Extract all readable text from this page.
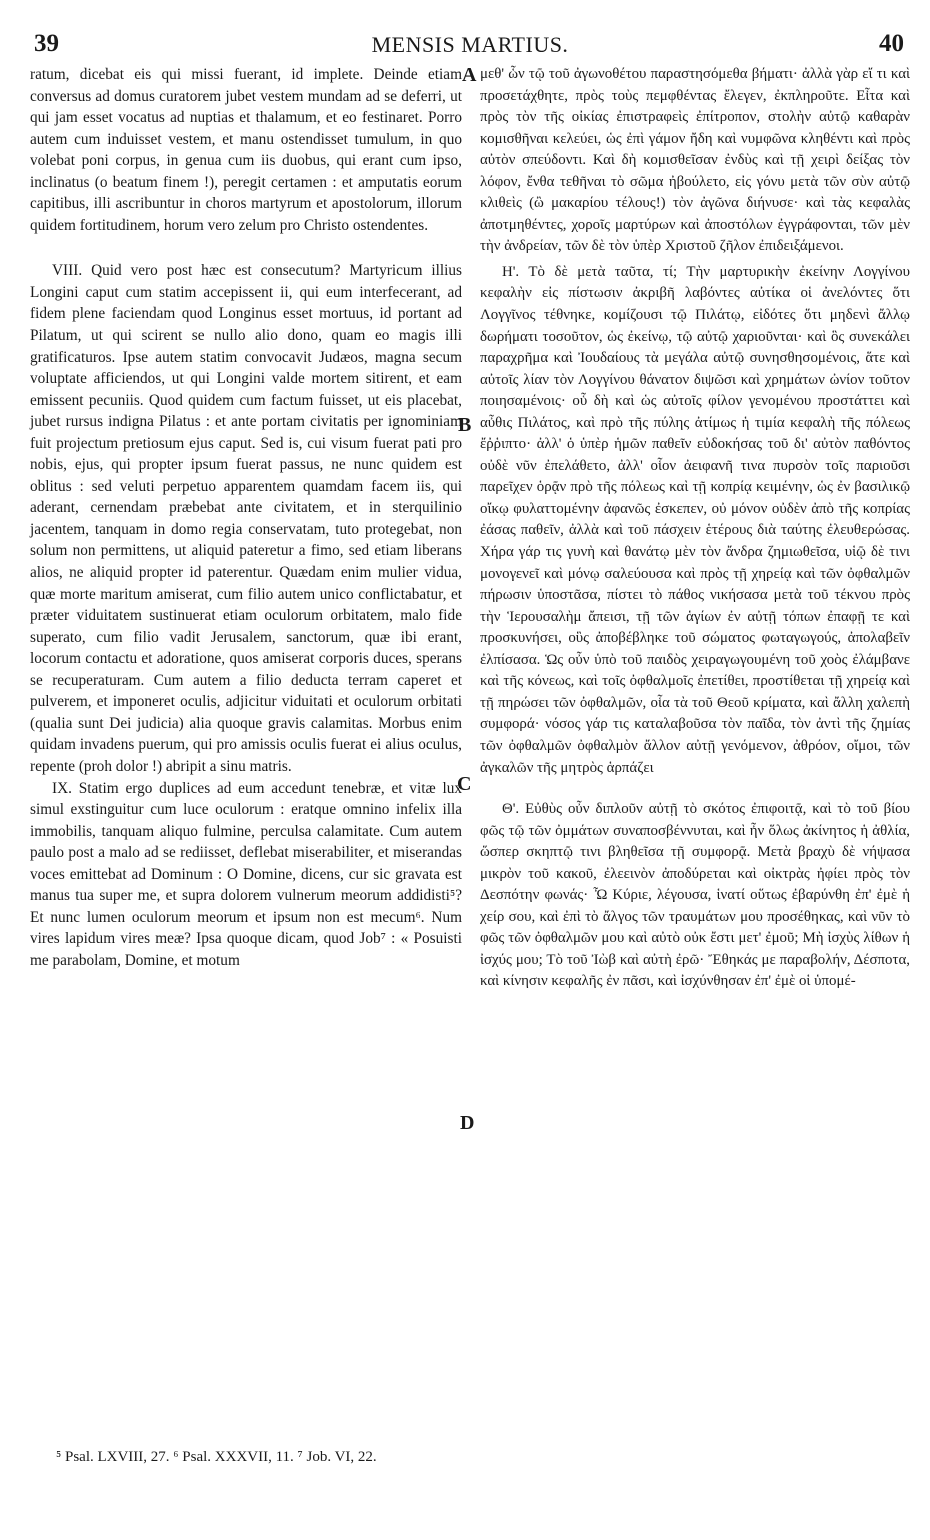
39	MENSIS MARTIUS.	40

ratum, dicebat eis qui missi fuerant, id implete. Deinde etiam conversus ad domus curatorem jubet vestem mundam ad se deferri, ut qui jam esset vocatus ad nuptias et thalamum, et eo festinaret. Porro autem cum induisset vestem, et manu ostendisset tumulum, in quo volebat poni corpus, in genua cum iis duobus, qui erant cum ipso, inclinatus (o beatum finem !), peregit certamen : et amputatis eorum capitibus, illi ascribuntur in choros martyrum et apostolorum, illorum quidem fortitudinem, horum vero zelum pro Christo ostendentes.

VIII. Quid vero post hæc est consecutum? Martyricum illius Longini caput cum statim accepissent ii, qui eum interfecerant, ad fidem plene faciendam quod Longinus esset mortuus, id portant ad Pilatum, ut qui scirent se nullo alio dono, quam eo magis illi gratificaturos. Ipse autem statim convocavit Judæos, magna secum voluptate afficiendos, ut qui Longini valde mortem sitirent, et eam emissent pecuniis. Quod quidem cum factum fuisset, ut eis placebat, jubet rursus indigna Pilatus : et ante portam civitatis per ignominiam fuit projectum pretiosum ejus caput. Sed is, cui visum fuerat pati pro nobis, ejus, qui propter ipsum fuerat passus, ne nunc quidem est oblitus : sed veluti perpetuo apparentem quamdam facem iis, qui aderant, cernendam præbebat ante civitatem, et in sterquilinio jacentem, tanquam in domo regia conservatam, tuto protegebat, non solum non permittens, ut aliquid pateretur a fimo, sed etiam liberans alios, ne aliquid propter id paterentur. Quædam enim mulier vidua, quæ morte maritum amiserat, cum filio autem unico conflictabatur, et præter viduitatem sustinuerat etiam oculorum orbitatem, malo fide superato, cum filio vadit Jerusalem, sanctorum, quæ ibi erant, locorum contactu et adoratione, quos amiserat corporis duces, sperans se recuperaturam. Cum autem a filio deducta terram caperet et pulverem, et imponeret oculis, adjicitur viduitati et oculorum orbitati (qualia sunt Dei judicia) alia quoque gravis calamitas. Morbus enim quidam invadens puerum, qui pro amissis oculis fuerat ei alius oculus, repente (proh dolor !) abripit a sinu matris.

IX. Statim ergo duplices ad eum accedunt tenebræ, et vitæ lux simul exstinguitur cum luce oculorum : eratque omnino infelix illa immobilis, tanquam aliquo fulmine, perculsa calamitate. Cum autem paulo post a malo ad se rediisset, deflebat miserabiliter, et miserandas voces emittebat ad Dominum : O Domine, dicens, cur sic gravata est manus tua super me, et supra dolorem vulnerum meorum addidisti⁵? Et nunc lumen oculorum meorum et ipsum non est mecum⁶. Num vires lapidum vires meæ? Ipsa quoque dicam, quod Job⁷ : « Posuisti me parabolam, Domine, et motum

A
B
C
D

μεθ' ὧν τῷ τοῦ ἀγωνοθέτου παραστησόμεθα βήματι· ἀλλὰ γὰρ εἴ τι καὶ προσετάχθητε, πρὸς τοὺς πεμφθέντας ἔλεγεν, ἐκπληροῦτε. Εἶτα καὶ πρὸς τὸν τῆς οἰκίας ἐπιστραφεὶς ἐπίτροπον, στολὴν αὐτῷ καθαρὰν κομισθῆναι κελεύει, ὡς ἐπὶ γάμον ἤδη καὶ νυμφῶνα κληθέντι καὶ πρὸς αὐτὸν σπεύδοντι. Καὶ δὴ κομισθεῖσαν ἐνδὺς καὶ τῇ χειρὶ δείξας τὸν λόφον, ἔνθα τεθῆναι τὸ σῶμα ἠβούλετο, εἰς γόνυ μετὰ τῶν σὺν αὐτῷ κλιθεὶς (ὢ μακαρίου τέλους!) τὸν ἀγῶνα διήνυσε· καὶ τὰς κεφαλὰς ἀποτμηθέντες, χοροῖς μαρτύρων καὶ ἀποστόλων ἐγγράφονται, τῶν μὲν τὴν ἀνδρείαν, τῶν δὲ τὸν ὑπὲρ Χριστοῦ ζῆλον ἐπιδειξάμενοι.

Η'. Τὸ δὲ μετὰ ταῦτα, τί; Τὴν μαρτυρικὴν ἐκείνην Λογγίνου κεφαλὴν εἰς πίστωσιν ἀκριβῆ λαβόντες αὐτίκα οἱ ἀνελόντες ὅτι Λογγῖνος τέθνηκε, κομίζουσι τῷ Πιλάτῳ, εἰδότες ὅτι μηδενὶ ἄλλῳ δωρήματι τοσοῦτον, ὡς ἐκείνῳ, τῷ αὐτῷ χαριοῦνται· καὶ ὃς συνεκάλει παραχρῆμα καὶ Ἰουδαίους τὰ μεγάλα αὐτῷ συνησθησομένοις, ἅτε καὶ αὐτοῖς λίαν τὸν Λογγίνου θάνατον διψῶσι καὶ χρημάτων ὠνίον τοῦτον ποιησαμένοις· οὗ δὴ καὶ ὡς αὐτοῖς φίλον γενομένου προστάττει καὶ αὖθις Πιλάτος, καὶ πρὸ τῆς πύλης ἀτίμως ἡ τιμία κεφαλὴ τῆς πόλεως ἔῤῥιπτο· ἀλλ' ὁ ὑπὲρ ἡμῶν παθεῖν εὐδοκήσας τοῦ δι' αὐτὸν παθόντος οὐδὲ νῦν ἐπελάθετο, ἀλλ' οἷον ἀειφανῆ τινα πυρσὸν τοῖς παριοῦσι παρεῖχεν ὁρᾷν πρὸ τῆς πόλεως καὶ τῇ κοπρίᾳ κειμένην, ὡς ἐν βασιλικῷ οἴκῳ φυλαττομένην ἀφανῶς ἐσκεπεν, οὐ μόνον οὐδὲν ἀπὸ τῆς κοπρίας ἐάσας παθεῖν, ἀλλὰ καὶ τοῦ πάσχειν ἑτέρους διὰ ταύτης ἐλευθερώσας. Χήρα γάρ τις γυνὴ καὶ θανάτῳ μὲν τὸν ἄνδρα ζημιωθεῖσα, υἱῷ δὲ τινι μονογενεῖ καὶ μόνῳ σαλεύουσα καὶ πρὸς τῇ χηρείᾳ καὶ τῶν ὀφθαλμῶν πήρωσιν ὑποστᾶσα, πίστει τὸ πάθος νικήσασα μετὰ τοῦ τέκνου πρὸς τὴν Ἱερουσαλὴμ ἄπεισι, τῇ τῶν ἁγίων ἐν αὐτῇ τόπων ἐπαφῇ τε καὶ προσκυνήσει, οὓς ἀποβέβληκε τοῦ σώματος φωταγωγούς, ἀπολαβεῖν ἐλπίσασα. Ὡς οὖν ὑπὸ τοῦ παιδὸς χειραγωγουμένη τοῦ χοὸς ἐλάμβανε καὶ τῆς κόνεως, καὶ τοῖς ὀφθαλμοῖς ἐπετίθει, προστίθεται τῇ χηρείᾳ καὶ τῇ πηρώσει τῶν ὀφθαλμῶν, οἷα τὰ τοῦ Θεοῦ κρίματα, καὶ ἄλλη χαλεπὴ συμφορά· νόσος γάρ τις καταλαβοῦσα τὸν παῖδα, τὸν ἀντὶ τῆς ζημίας τῶν ὀφθαλμῶν ὀφθαλμὸν ἄλλον αὐτῇ γενόμενον, ἀθρόον, οἴμοι, τῶν ἀγκαλῶν τῆς μητρὸς ἁρπάζει

Θ'. Εὐθὺς οὖν διπλοῦν αὐτῇ τὸ σκότος ἐπιφοιτᾷ, καὶ τὸ τοῦ βίου φῶς τῷ τῶν ὀμμάτων συναποσβέννυται, καὶ ἦν ὅλως ἀκίνητος ἡ ἀθλία, ὥσπερ σκηπτῷ τινι βληθεῖσα τῇ συμφορᾷ. Μετὰ βραχὺ δὲ νήψασα μικρὸν τοῦ κακοῦ, ἐλεεινὸν ἀποδύρεται καὶ οἰκτρὰς ἠφίει πρὸς τὸν Δεσπότην φωνάς· Ὦ Κύριε, λέγουσα, ἱνατί οὕτως ἐβαρύνθη ἐπ' ἐμὲ ἡ χείρ σου, καὶ ἐπὶ τὸ ἄλγος τῶν τραυμάτων μου προσέθηκας, καὶ νῦν τὸ φῶς τῶν ὀφθαλμῶν μου καὶ αὐτὸ οὐκ ἔστι μετ' ἐμοῦ; Μὴ ἰσχὺς λίθων ἡ ἰσχύς μου; Τὸ τοῦ Ἰὼβ καὶ αὐτὴ ἐρῶ· Ἔθηκάς με παραβολήν, Δέσποτα, καὶ κίνησιν κεφαλῆς ἐν πᾶσι, καὶ ἰσχύνθησαν ἐπ' ἐμὲ οἱ ὑπομέ-

⁵ Psal. LXVIII, 27. ⁶ Psal. XXXVII, 11. ⁷ Job. VI, 22.
